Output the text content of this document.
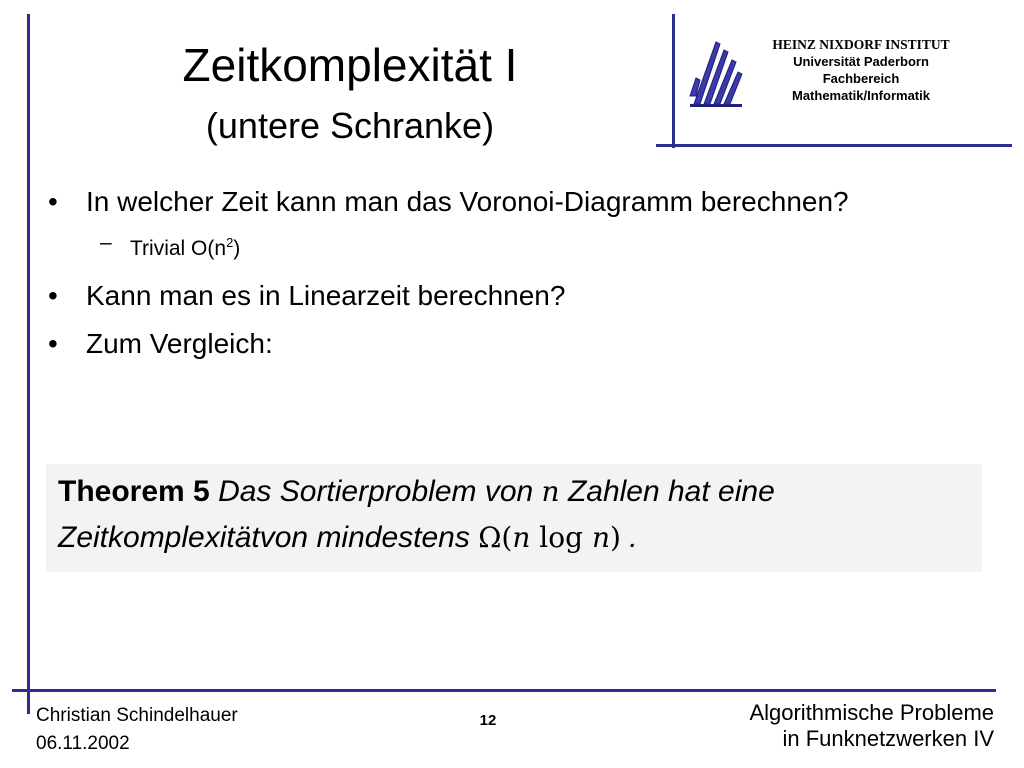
Zeitkomplexität I
(untere Schranke)
HEINZ NIXDORF INSTITUT
Universität Paderborn
Fachbereich
Mathematik/Informatik
• In welcher Zeit kann man das Voronoi-Diagramm berechnen?
– Trivial $O(n^2)$
• Kann man es in Linearzeit berechnen?
• Zum Vergleich:
Theorem 5 Das Sortierproblem von n Zahlen hat eine
Zeitkomplexitätvon mindestens Ω(n log n) .
Christian Schindelhauer
06.11.2002
12	Algorithmische Probleme
in Funknetzwerken IV
